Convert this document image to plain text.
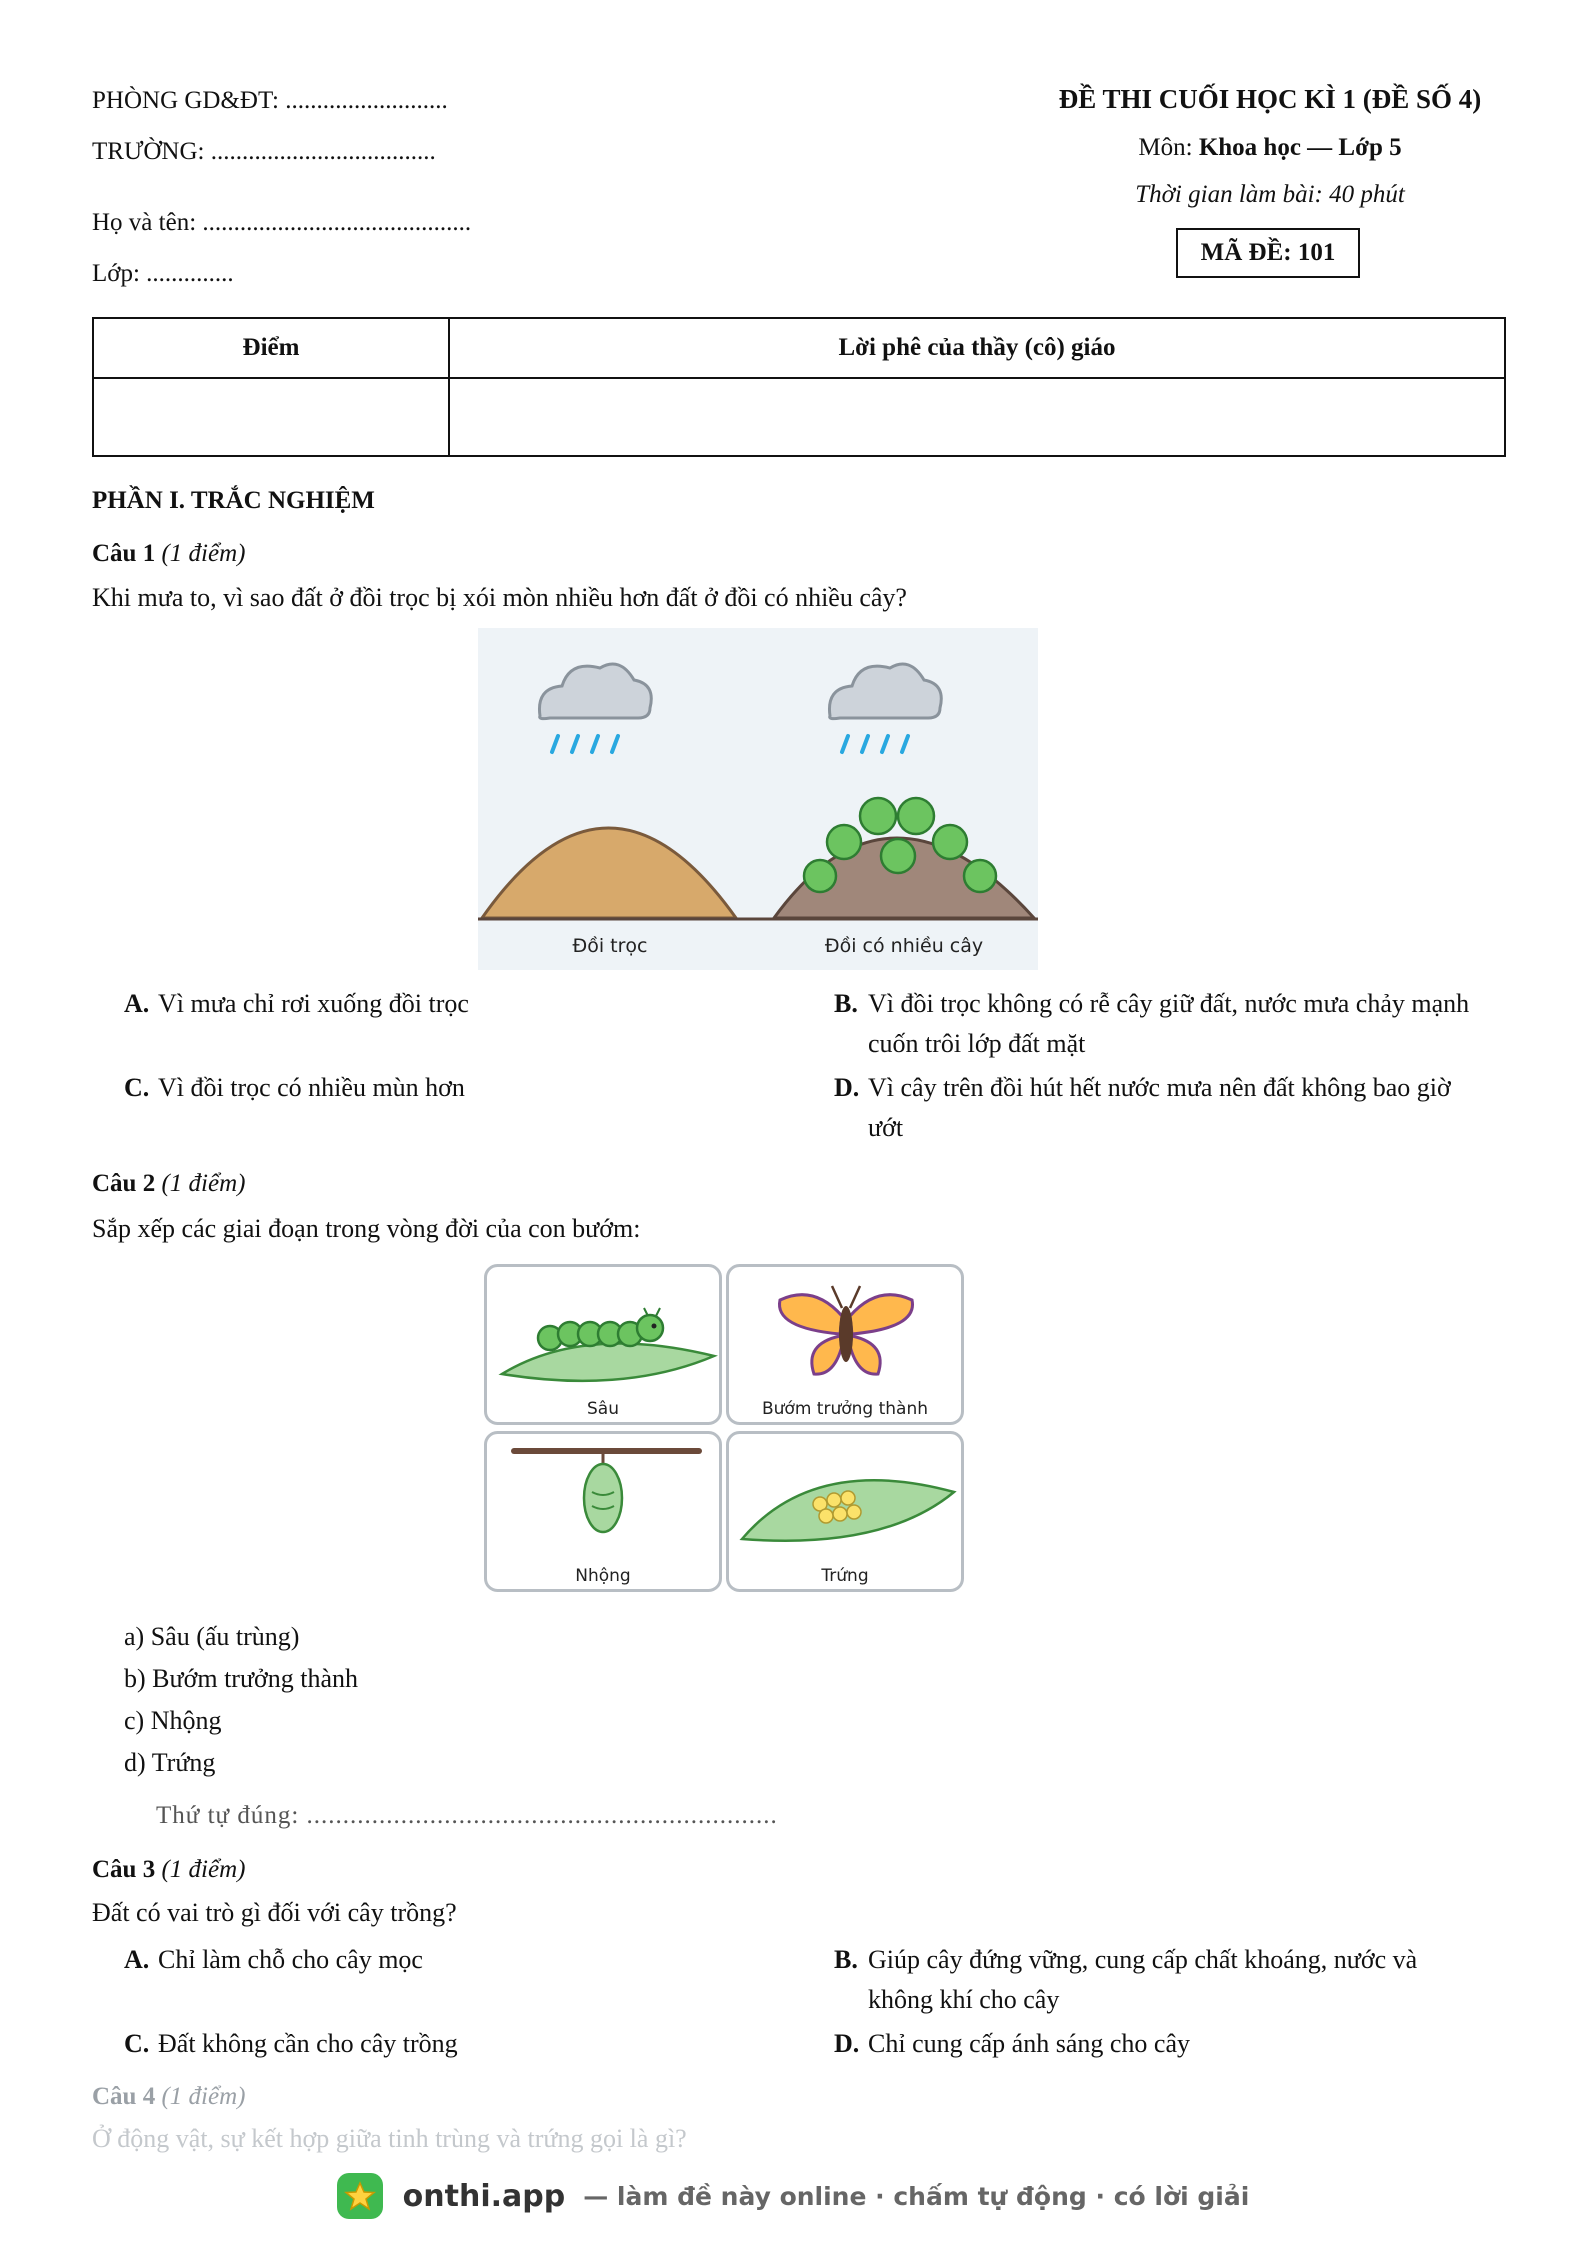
PHÒNG GD&ĐT: ..........................
TRƯỜNG: ....................................
Họ và tên: ...........................................
Lớp: ..............
ĐỀ THI CUỐI HỌC KÌ 1 (ĐỀ SỐ 4)
Môn: Khoa học — Lớp 5
Thời gian làm bài: 40 phút
MÃ ĐỀ: 101
Điểm	Lời phê của thầy (cô) giáo

PHẦN I. TRẮC NGHIỆM
Câu 1 (1 điểm)
Khi mưa to, vì sao đất ở đồi trọc bị xói mòn nhiều hơn đất ở đồi có nhiều cây?
Đồi trọc	Đồi có nhiều cây
A. Vì mưa chỉ rơi xuống đồi trọc	B. Vì đồi trọc không có rễ cây giữ đất, nước mưa chảy mạnh
cuốn trôi lớp đất mặt
C. Vì đồi trọc có nhiều mùn hơn	D. Vì cây trên đồi hút hết nước mưa nên đất không bao giờ
ướt
Câu 2 (1 điểm)
Sắp xếp các giai đoạn trong vòng đời của con bướm:
Sâu	Bướm trưởng thành
Nhộng	Trứng
a) Sâu (ấu trùng)
b) Bướm trưởng thành
c) Nhộng
d) Trứng
Thứ tự đúng: .................................................................
Câu 3 (1 điểm)
Đất có vai trò gì đối với cây trồng?
A. Chỉ làm chỗ cho cây mọc	B. Giúp cây đứng vững, cung cấp chất khoáng, nước và
không khí cho cây
C. Đất không cần cho cây trồng	D. Chỉ cung cấp ánh sáng cho cây
Câu 4 (1 điểm)
Ở động vật, sự kết hợp giữa tinh trùng và trứng gọi là gì?
onthi.app — làm đề này online · chấm tự động · có lời giải
